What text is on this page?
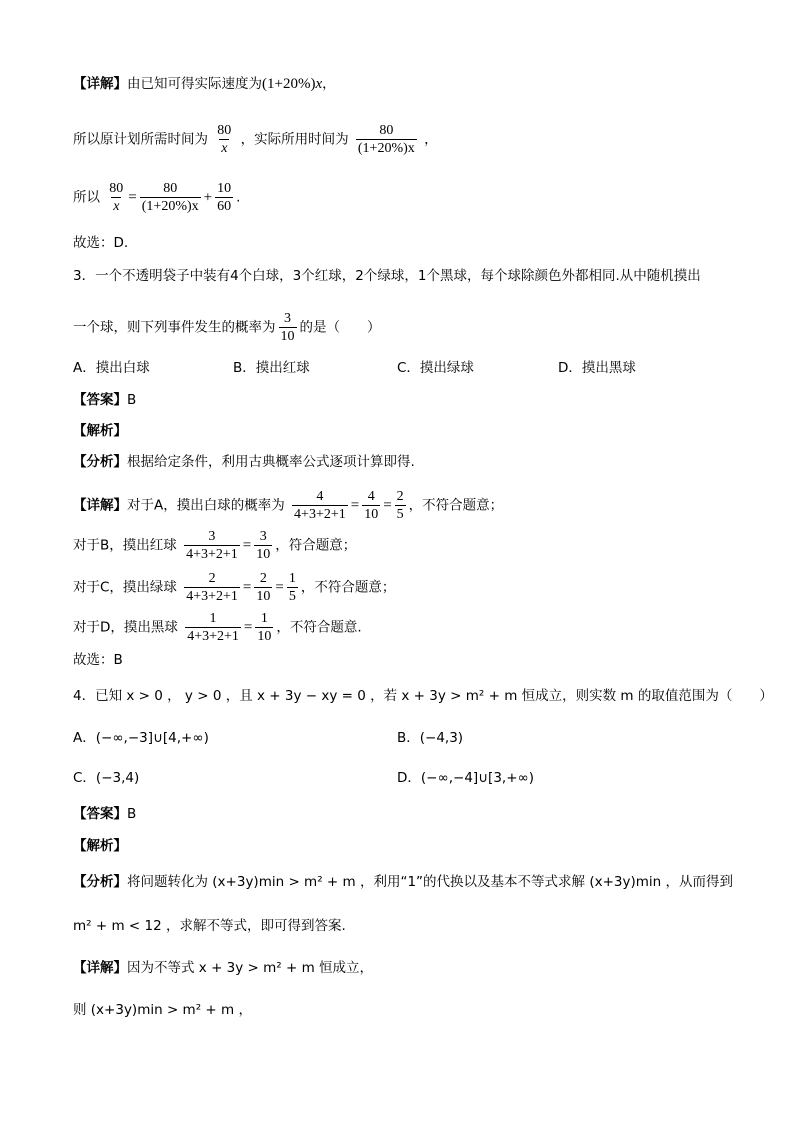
【详解】由已知可得实际速度为(1+20%)x，
所以原计划所需时间为 $\frac{80}{x}$ ，实际所用时间为 $\frac{80}{(1+20\%)x}$ ，
所以 $\frac{80}{x} = \frac{80}{(1+20\%)x} + \frac{10}{60}$ .
故选：D.
3．一个不透明袋子中装有4个白球，3个红球，2个绿球，1个黑球，每个球除颜色外都相同.从中随机摸出
一个球，则下列事件发生的概率为 $\frac{3}{10}$ 的是（　　）
A．摸出白球	B．摸出红球	C．摸出绿球	D．摸出黑球
【答案】B
【解析】
【分析】根据给定条件，利用古典概率公式逐项计算即得.
【详解】对于A，摸出白球的概率为 $\frac{4}{4+3+2+1} = \frac{4}{10} = \frac{2}{5}$ ，不符合题意；
对于B，摸出红球 $\frac{3}{4+3+2+1} = \frac{3}{10}$ ，符合题意；
对于C，摸出绿球 $\frac{2}{4+3+2+1} = \frac{2}{10} = \frac{1}{5}$ ，不符合题意；
对于D，摸出黑球 $\frac{1}{4+3+2+1} = \frac{1}{10}$ ，不符合题意.
故选：B
4．已知 x > 0 ， y > 0 ，且 x + 3y − xy = 0 ，若 x + 3y > m² + m 恒成立，则实数 m 的取值范围为（　　）
A．(−∞,−3]∪[4,+∞)	B．(−4,3)
C．(−3,4)	D．(−∞,−4]∪[3,+∞)
【答案】B
【解析】
【分析】将问题转化为 (x+3y)min > m² + m ，利用“1”的代换以及基本不等式求解 (x+3y)min ，从而得到
m² + m < 12 ，求解不等式，即可得到答案.
【详解】因为不等式 x + 3y > m² + m 恒成立，
则 (x+3y)min > m² + m ，
